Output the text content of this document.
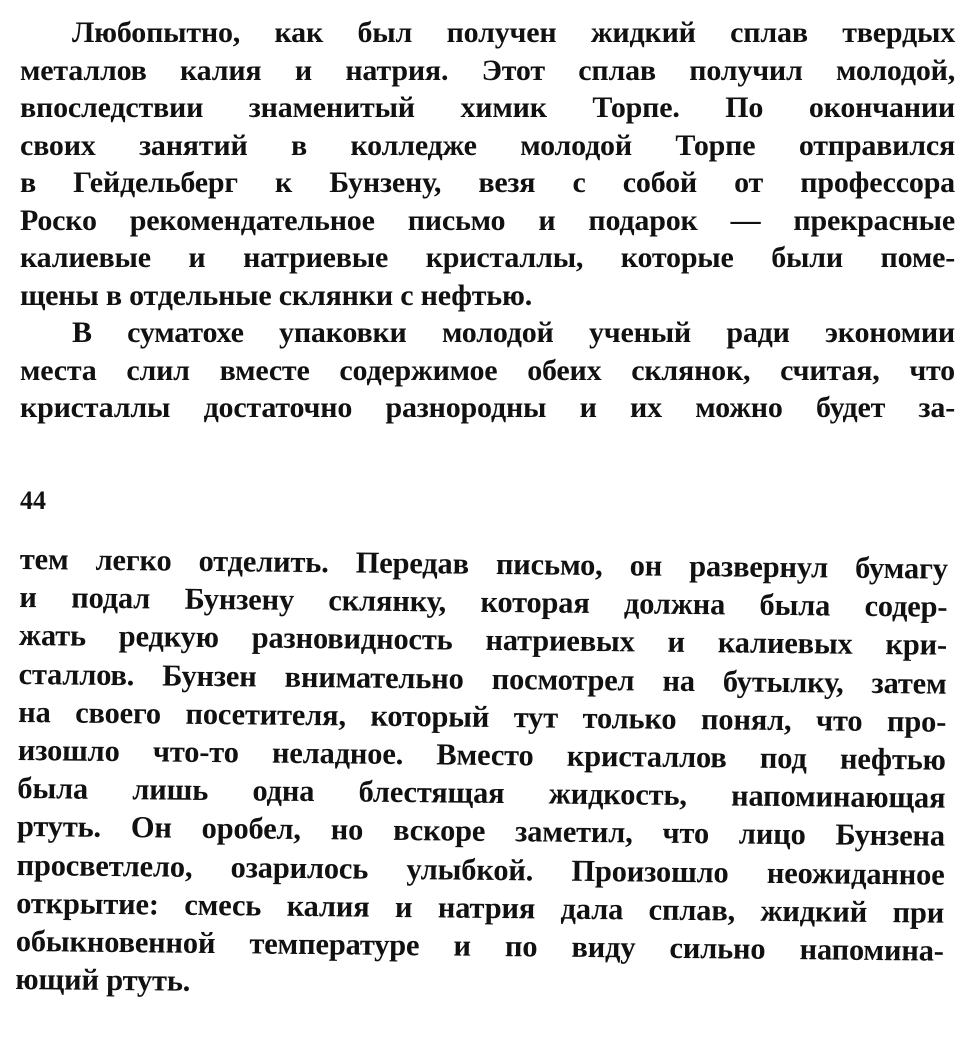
Любопытно, как был получен жидкий сплав твердых
металлов калия и натрия. Этот сплав получил молодой,
впоследствии знаменитый химик Торпе. По окончании
своих занятий в колледже молодой Торпе отправился
в Гейдельберг к Бунзену, везя с собой от профессора
Роско рекомендательное письмо и подарок — прекрасные
калиевые и натриевые кристаллы, которые были поме-
щены в отдельные склянки с нефтью.
В суматохе упаковки молодой ученый ради экономии
места слил вместе содержимое обеих склянок, считая, что
кристаллы достаточно разнородны и их можно будет за-
44
тем легко отделить. Передав письмо, он развернул бумагу
и подал Бунзену склянку, которая должна была содер-
жать редкую разновидность натриевых и калиевых кри-
сталлов. Бунзен внимательно посмотрел на бутылку, затем
на своего посетителя, который тут только понял, что про-
изошло что-то неладное. Вместо кристаллов под нефтью
была лишь одна блестящая жидкость, напоминающая
ртуть. Он оробел, но вскоре заметил, что лицо Бунзена
просветлело, озарилось улыбкой. Произошло неожиданное
открытие: смесь калия и натрия дала сплав, жидкий при
обыкновенной температуре и по виду сильно напомина-
ющий ртуть.
